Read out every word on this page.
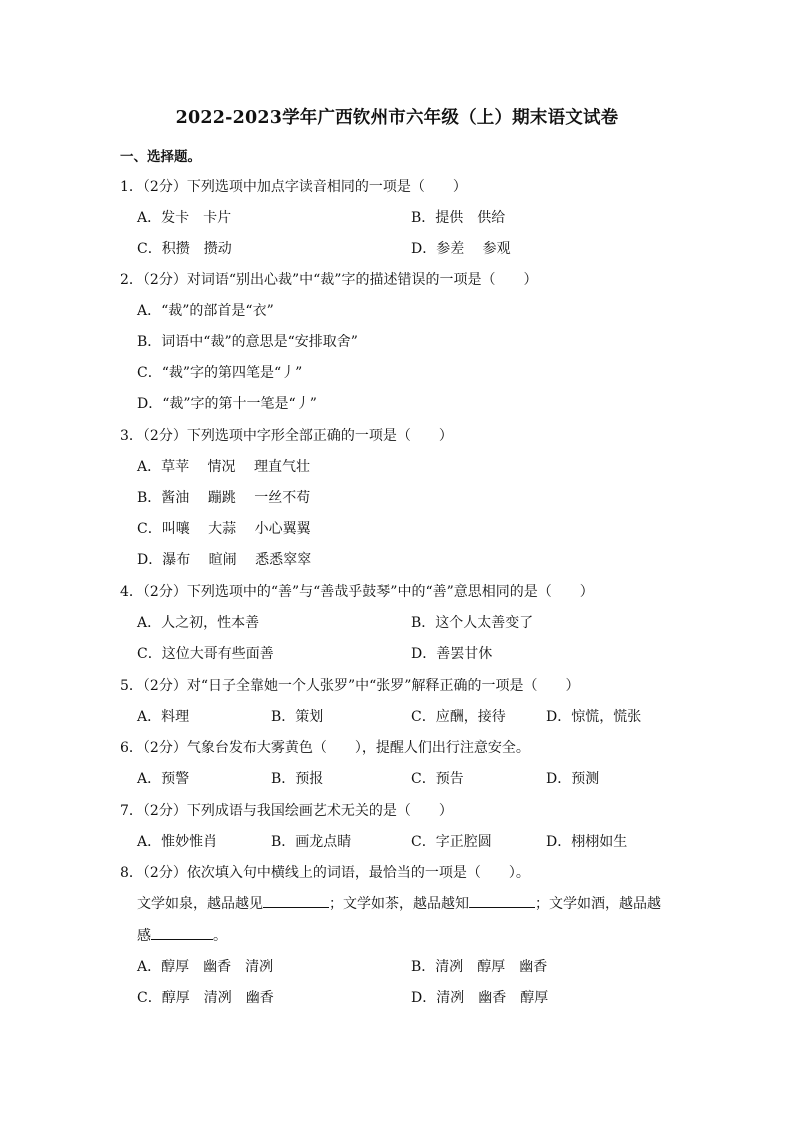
2022-2023学年广西钦州市六年级（上）期末语文试卷
一、选择题。
1．（2分）下列选项中加点字读音相同的一项是（　　）
A．发卡　卡片	B．提供　供给
C．积攒　攒动	D．参差　 参观
2．（2分）对词语“别出心裁”中“裁”字的描述错误的一项是（　　）
A．“裁”的部首是“衣”
B．词语中“裁”的意思是“安排取舍”
C．“裁”字的第四笔是“丿”
D．“裁”字的第十一笔是“丿”
3．（2分）下列选项中字形全部正确的一项是（　　）
A．草苹　 情况　 理直气壮
B．酱油　 蹦跳　 一丝不苟
C．叫嚷　 大蒜　 小心翼翼
D．瀑布　 暄闹　 悉悉窣窣
4．（2分）下列选项中的“善”与“善哉乎鼓琴”中的“善”意思相同的是（　　）
A．人之初，性本善	B．这个人太善变了
C．这位大哥有些面善	D．善罢甘休
5．（2分）对“日子全靠她一个人张罗”中“张罗”解释正确的一项是（　　）
A．料理	B．策划	C．应酬，接待	D．惊慌，慌张
6．（2分）气象台发布大雾黄色（　　），提醒人们出行注意安全。
A．预警	B．预报	C．预告	D．预测
7．（2分）下列成语与我国绘画艺术无关的是（　　）
A．惟妙惟肖	B．画龙点睛	C．字正腔圆	D．栩栩如生
8．（2分）依次填入句中横线上的词语，最恰当的一项是（　　）。
文学如泉，越品越见	；文学如茶，越品越知	；文学如酒，越品越
感	。
A．醇厚　幽香　清冽	B．清冽　醇厚　幽香
C．醇厚　清冽　幽香	D．清冽　幽香　醇厚
